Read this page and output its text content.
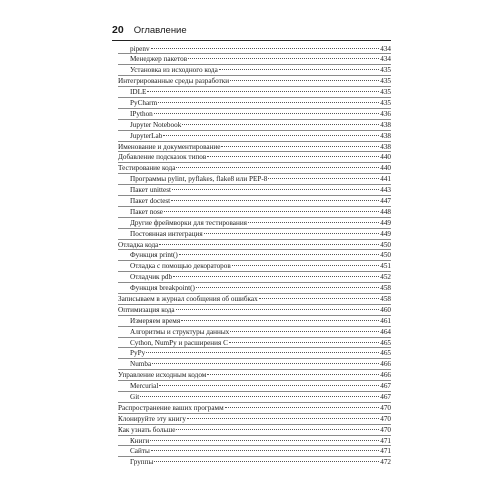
20 Оглавление
pipenv	434
Менеджер пакетов	434
Установка из исходного кода	435
Интегрированные среды разработки	435
IDLE	435
PyCharm	435
IPython	436
Jupyter Notebook	438
JupyterLab	438
Именование и документирование	438
Добавление подсказок типов	440
Тестирование кода	440
Программы pylint, pyflakes, flake8 или PEP-8	441
Пакет unittest	443
Пакет doctest	447
Пакет nose	448
Другие фреймворки для тестирования	449
Постоянная интеграция	449
Отладка кода	450
Функция print()	450
Отладка с помощью декораторов	451
Отладчик pdb	452
Функция breakpoint()	458
Записываем в журнал сообщения об ошибках	458
Оптимизация кода	460
Измеряем время	461
Алгоритмы и структуры данных	464
Cython, NumPy и расширения C	465
PyPy	465
Numba	466
Управление исходным кодом	466
Mercurial	467
Git	467
Распространение ваших программ	470
Клонируйте эту книгу	470
Как узнать больше	470
Книги	471
Сайты	471
Группы	472
